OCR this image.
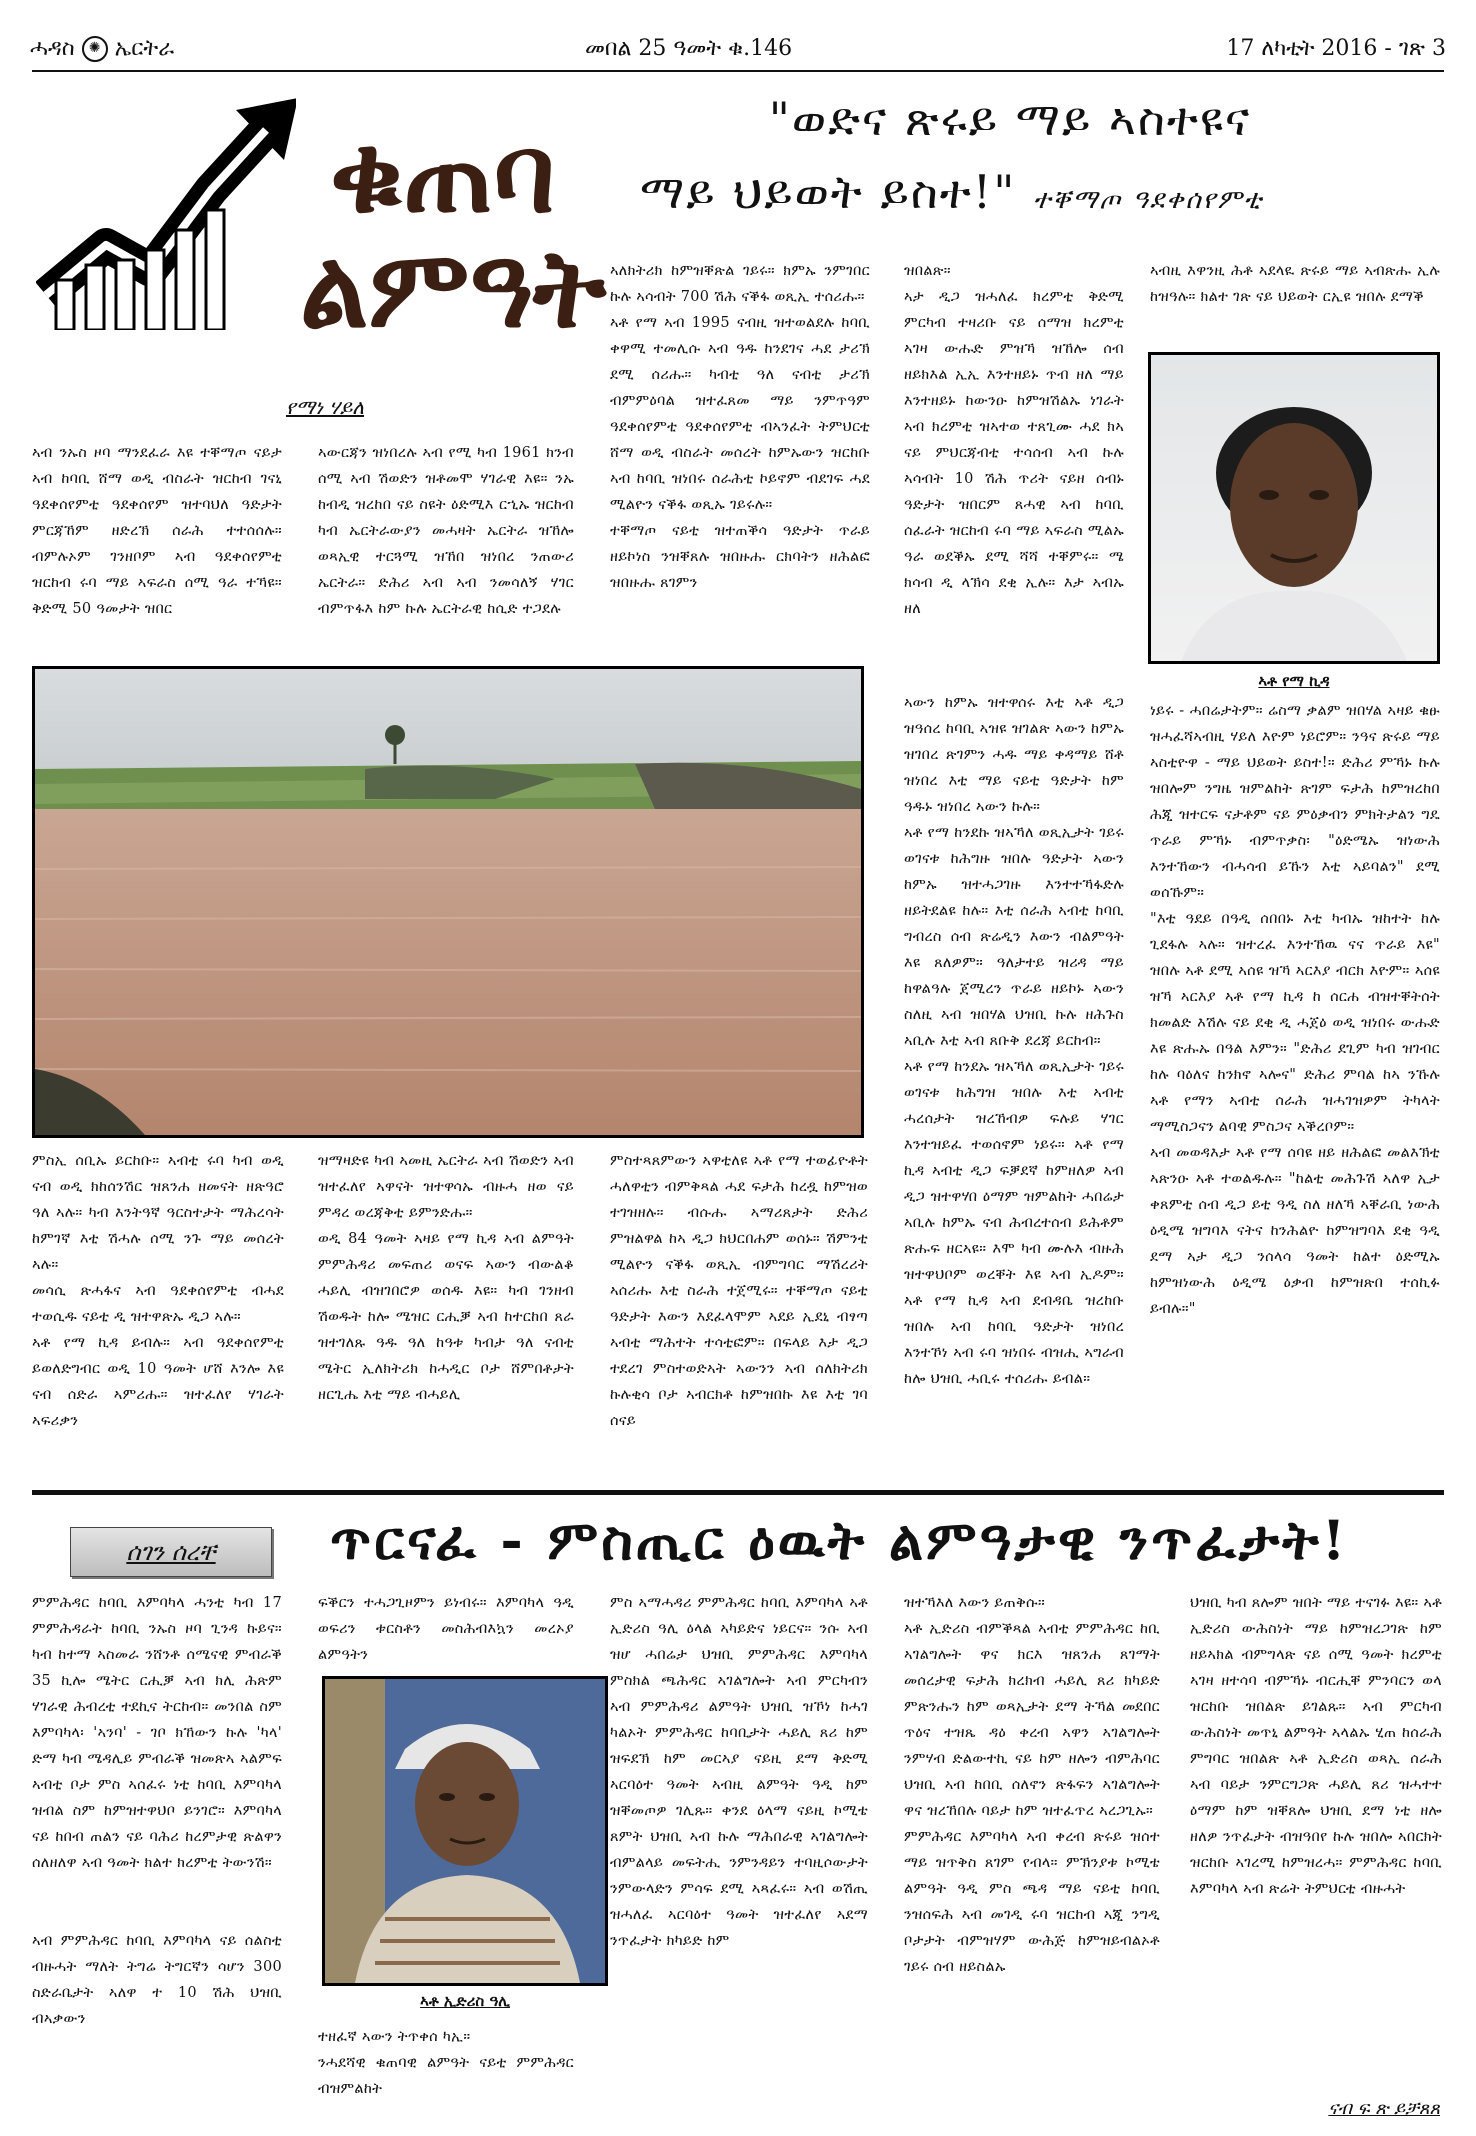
ሓዳስ ✺ ኤርትራ	መበል 25 ዓመት ቁ.146	17 ለካቲት 2016 - ገጽ 3
ቁጠባ
ልምዓት
የማነ ሃይለ
"ወድና ጽሩይ ማይ ኣስተዩና
ማይ ህይወት ይስተ!" ተቐማጦ ዓደቀሰየምቲ
ኣብ ንኡስ ዞባ ማንደፈራ እዩ ተቐማጦ ናይታ ኣብ ከባቢ ሸማ ወዲ ብስራት ዝርከብ ገናኒ ዓደቀሰየምቲ ዓደቀሰየም ዝተባህለ ዓድታት ምርጃኸም ዘድረኽ ሰራሕ ተተሰሰሉ። ብምሉኦም ገንዘቦም ኣብ ዓደቀሰየምቲ ዝርከብ ሩባ ማይ ኣፍራስ ሰሚ ዓራ ተኻዩ። ቅድሚ 50 ዓመታት ዝበር
ኣውርጃን ዝነበረሉ ኣብ የሚ ካብ 1961 ክንብ ሰሚ ኣብ ሽወድን ዝቶመሞ ሃገራዊ እዩ። ንኡ ከብዲ ዝረከበ ናይ ስዩት ዕድሚእ ርኂኡ ዝርከብ ካብ ኤርትራውያን መሓዛት ኤርትራ ዝኸሎ ወጻኢዊ ተርጓሚ ዝኸበ ዝነበረ ንጠውሪ ኤርትራ። ድሕሪ ኣብ ኣብ ንመሳለኝ ሃገር ብምጥፋእ ከም ኩሉ ኤርትራዊ ከሲድ ተጋደሉ
ኣለክትሪክ ከምዝቐጽል ገይሩ። ክምኡ ንምገበር ኩሉ ኣሳብት 700 ሽሕ ናቕፋ ወጺኢ ተሰሪሑ።
ኣቶ የማ ኣብ 1995 ናብዚ ዝተወልደሉ ከባቢ ቀዋሚ ተመሊሱ ኣብ ዓዱ ከንደገና ሓደ ታሪኽ ደሚ ሰሪሑ። ካብቲ ዓለ ናብቲ ታሪኽ ብምምዕባል ዝተፈጸመ ማይ ንምጥዓም ዓደቀሰየምቲ ዓደቀሰየምቲ ብኣንፈት ትምህርቲ ሸማ ወዲ ብስራት መሰረት ከምኡውን ዝርከቡ ኣብ ከባቢ ዝነበሩ ሰራሕቲ ኮይኖም ብደገፍ ሓደ ሚልዮን ናቕፋ ወጺኡ ገይሩሉ።
ተቐማጦ ናይቲ ዝተጠቕሳ ዓድታት ጥራይ ዘይኮነስ ንዝቐጸሉ ዝበዙሑ ርክባትን ዘሕልፎ ዝበዙሑ ጸገምን
ዝበልጽ።
ኣታ ዲጋ ዝሓለፈ ክረምቲ ቅድሚ ምርካብ ተዛሪቡ ናይ ሰማዝ ክረምቲ ኣገዛ ውሑድ ምዝኻ ዝኸሎ ሰብ ዘይክእል ኢኢ እንተዘይኑ ጥብ ዘለ ማይ እንተዘይኑ ከውንዑ ከምዝሽልኡ ነገራት ኣብ ክረምቲ ዝኣተወ ተጸጊሙ ሓደ ክኣ ናይ ምህርጃብቲ ተሳሰብ ኣብ ኩሉ ኣሳብት 10 ሽሕ ጥሪት ናይዘ ሰብኑ ዓድታት ዝበርም ጸሓዊ ኣብ ከባቢ ሰፈራት ዝርከብ ሩባ ማይ ኣፍራስ ሚልኡ ዓራ ወደቕኡ ደሚ ሻሻ ተቐምሩ። ሜ ክሳብ ዲ ላኽሳ ደቂ ኢሉ። እታ ኣብኡ ዘለ
ኣብዚ እዋንዚ ሕቶ ኣደላዪ ጽሩይ ማይ ኣብጽሑ ኢሉ ከዝዓሉ። ክልተ ገጽ ናይ ህይወት ርኢዩ ዝበሉ ደማቕ
ኣቶ የማ ኪዳ
ምስኢ ሰቢኡ ይርከቡ። ኣብቲ ሩባ ካብ ወዲ ናብ ወዲ ክከሰንሽር ዝጸንሐ ዘመናት ዘጽዓሮ ዓለ ኣሉ። ካብ እንትዓኛ ዓርስተታት ማሕረሳት ከምገኛ እቲ ሽሓሉ ሰሚ ንጉ ማይ መሰረት ኣሉ።
መሳሲ ጽሓፋና ኣብ ዓደቀሰየምቲ ብሓደ ተወሲዱ ናይቲ ዲ ዝተዋጽኡ ዲጋ ኣሉ።
ኣቶ የማ ኪዳ ይብሉ። ኣብ ዓደቀሰየምቲ ይወለድግብር ወዲ 10 ዓመት ሆሸ እንሎ እዩ ናብ ሰድራ ኣምሪሑ። ዝተፈለየ ሃገራት ኣፍሪቃን
ዝማዛድዩ ካብ ኣመዚ ኤርትራ ኣብ ሽወድን ኣብ ዝተፈለየ ኣዋናት ዝተዋሳኡ ብዙሓ ዘወ ናይ ምዳረ ወረጃቅቲ ይምንድሑ።
ወዲ 84 ዓመት ኣዛይ የማ ኪዳ ኣብ ልምዓት ምምሕዳሪ መፍጠሪ ወናፍ ኣውን ብውልቆ ሓይሊ ብዝገበሮዎ ወሰዱ እዩ። ካብ ገንዘብ ሽወዱት ከሎ ሜዝር ርሒቓ ኣብ ከተርከበ ጸራ ዝተገለጹ ዓዱ ዓለ ከዓቱ ካብታ ዓለ ናብቲ ሜትር ኢለክትሪክ ከሓዲር ቦታ ሸምበቶታት ዘርጊሔ እቲ ማይ ብሓይሊ
ምስተጻጸምውን ኣዋቲለዩ ኣቶ የማ ተወፊዮቶት ሓለዋቲን ብምቅጻል ሓደ ፍታሕ ከረዷ ከምዝወ ተገዝዘሉ። ብሱሑ ኣማሪጸታት ድሕሪ ምዝልዋል ከኣ ዲጋ ክህርበሐም ወሰኑ። ሽምንቲ ሚልዮን ናቕፋ ወጺኢ ብምግባር ማሽረሪት ኣሰሪሑ እቲ ስራሕ ተጀሚሩ። ተቐማጦ ናይቲ ዓድታት እውን እደፈላሞም ኣደይ ኢደኒ ብፃጣ ኣብቲ ማሕተት ተሳቲፎም። በፍላይ እታ ዲጋ ተደረገ ምስተወድኣት ኣውንን ኣብ ሰለክትሪክ ኩሉቂሳ ቦታ ኣብርክቶ ከምዝበኩ እዩ እቲ ገባ ሰናይ
ኣውን ከምኡ ዝተዋሰሩ እቲ ኣቶ ዲጋ ዝዓሰረ ከባቢ ኣዝዩ ዝገልጽ ኣውን ከምኡ ዝገበረ ጽገምን ሓዱ ማይ ቀዳማይ ሸቶ ዝነበረ እቲ ማይ ናይቲ ዓድታት ከም ዓዱኑ ዝነበረ ኣውን ኩሉ።
ኣቶ የማ ከንደኩ ዝኣኻለ ወጺኢታት ገይሩ ወገናቱ ከሕግዙ ዝበሉ ዓድታት ኣውን ከምኡ ዝተሓጋገዙ እንተተኻፋድሉ ዘይትደልዩ ከሉ። እቲ ሰራሕ ኣብቲ ከባቢ ግብረስ ሰብ ጽሬዲን እውን ብልምዓት እዩ ጸለዎም። ዓለታተይ ዝሪዳ ማይ ከዋልዓሉ ጀሚረን ጥራይ ዘይኮኑ ኣውን ስለዚ ኣብ ዝበሃል ህዝቢ ኩሉ ዘሕጉስ ኣቢሉ እቲ ኣብ ጸቡቅ ደረጃ ይርከብ።
ኣቶ የማ ከንደኡ ዝኣኻለ ወጺኢታት ገይሩ ወገናቱ ከሕግዝ ዝበሉ እቲ ኣብቲ ሓረሰታት ዝረኸብዎ ፍሉይ ሃገር እንተዝይፈ ተወሰኖም ነይሩ። ኣቶ የማ ኪዳ ኣብቲ ዲጋ ፍቓደኛ ከምዘለዎ ኣብ ዲጋ ዝተዋሃበ ዕማም ዝምልከት ሓበሬታ ኣቢሉ ከምኡ ናብ ሕብረተሰብ ይሕቶም ጽሑፍ ዘርኣዩ። እሞ ካብ ሙሉእ ብዙሕ ዝተዋህቦም ወረቐት እዩ ኣብ ኢዶም። ኣቶ የማ ኪዳ ኣብ ደብዳቤ ዝረከቡ ዝበሉ ኣብ ከባቢ ዓድታት ዝነበረ እንተኾነ ኣብ ሩባ ዝነበሩ ብዝሒ ኣግራብ ከሎ ህዝቢ ሓቢሩ ተሰሪሑ ይብል።
ነይሩ - ሓበሬታትም። ሬስማ ቃልም ዝበሃል ኣዛይ ቁፁ ዝሓፈሻኣብዚ ሃይለ እዮም ነይሮም። ንዓና ጽሩይ ማይ ኣስቲዮዋ - ማይ ህይወት ይስተ!። ድሕሪ ምኻኑ ኩሉ ዝበሎም ንግዜ ዝምልከት ጽገም ፍታሕ ከምዝረከበ ሕጂ ዝተርፍ ናታቶም ናይ ምዕቃብን ምክትታልን ግዴ ጥራይ ምኻኑ ብምጥቃስ፡ "ዕድሜኡ ዝነውሕ እንተኸውን ብሓሳብ ይኹን እቲ ኣይባልን" ደሚ ወሰኹም።
"እቲ ዓደይ በዓዲ ሰበበኑ እቲ ካብኡ ዝከተት ከሉ ጊደፋሉ ኣሉ። ዝተረፈ እንተኸዉ ናና ጥራይ እዩ" ዝበሉ ኣቶ ደሚ ኣሰዩ ዝኻ ኣርእያ ብርክ እዮም። ኣሰዩ ዝኻ ኣርእያ ኣቶ የማ ኪዳ ከ ሰርሐ ብዝተቐትሰት ክመልድ እሽሉ ናይ ደቂ ዲ ሓጀዕ ወዲ ዝነበሩ ውሑድ እዩ ጽሑኡ በዓል እምን። "ድሕሪ ደጊም ካብ ዝገብር ከሉ ባዕለና ከንክኖ ኣሎና" ድሕሪ ምባል ከኣ ንኹሉ ኣቶ የማን ኣብቲ ሰራሕ ዝሓገዝዎም ትካላት ማሚስጋናን ልባዊ ምስጋና ኣቕረቦም።
ኣብ መወዳእታ ኣቶ የማ ሰባዩ ዘይ ዘሕልፎ መልእኽቲ ኣጽንዑ ኣቶ ተወልዱሉ። "ከልቲ መሕጉሽ ኣለዋ ኢታ ቀጸምቲ ሰብ ዲጋ ይቲ ዓዲ ስለ ዘለኻ ኣቐራቢ ነውሕ ዕዲሜ ዝግባእ ናትና ከንሕልዮ ከምዝግባእ ደቂ ዓዲ ደማ ኣታ ዲጋ ንሰላሳ ዓመት ከልተ ዕድሚኡ ከምዝነውሕ ዕዲሜ ዕቃብ ከምዝጽበ ተሰኪፉ ይብሉ።"
ሰገን ሰረቸ	ጥርናፈ - ምስጢር ዕዉት ልምዓታዊ ንጥፈታት!
ምምሕዳር ከባቢ እምባካላ ሓንቲ ካብ 17 ምምሕዳራት ከባቢ ንኡስ ዞባ ጊንዳ ኩይና። ካብ ከተማ ኣስመራ ንሸንቶ ሰሜናዊ ምብራቕ 35 ኪሎ ሜትር ርሒቓ ኣብ ክሊ ሕጽም ሃገራዊ ሕብረቲ ተደኪና ትርከብ። መንበል ስም እምባካላ፡ 'ኣንባ' - ገቦ ክኸውን ኩሉ 'ካላ' ድማ ካብ ሜዳሊይ ምብራቕ ዝመጽኣ ኣልምፍ ኣብቲ ቦታ ምስ ኣሰፈሩ ነቲ ከባቢ እምባካላ ዝብል ስም ከምዝተዋህቦ ይንገሮ። እምባካላ ናይ ከበብ ጠልን ናይ ባሕሪ ከረምታዊ ጽልዋን ሰለዘለዋ ኣብ ዓመት ክልተ ክረምቲ ትውንሽ።
ኣብ ምምሕዳር ከባቢ እምባካላ ናይ ሰልስቲ ብዙሓት ማለት ትግሬ ትግርኛን ሳሆን 300 ስድራቤታት ኣለዋ ተ 10 ሽሕ ህዝቢ ብኣቃውን
ፍቕርን ተሓጋጊዞምን ይነብሩ። እምባካላ ዓዲ ወፍሪን ቱርስቶን መስሕብእኳን መረኦያ ልምዓትን
ኣቶ ኢድሪስ ዓሊ
ተዘፈኛ ኣውን ትጥቀሰ ካኢ።
ንሓደሻዊ ቁጠባዊ ልምዓት ናይቲ ምምሕዳር ብዝምልከት
ምስ ኣማሓዳሪ ምምሕዳር ከባቢ እምባካላ ኣቶ ኢድሪስ ዓሊ ዕላል ኣካይድና ነይርና። ንሱ ኣብ ዝሆ ሓበሬታ ህዝቢ ምምሕዳር እምባካላ ምስክል ጫሕዳር ኣገልግሎት ኣብ ምርካብን ኣብ ምምሕዳሪ ልምዓት ህዝቢ ዝኾነ ከሓገ ካልኦት ምምሕዳር ከባቢታት ሓይሊ ጸሪ ከም ዝፍደኽ ከም መርኣያ ናይዚ ደማ ቅድሚ ኣርባዕተ ዓመት ኣብዚ ልምዓት ዓዲ ከም ዝቐመጦዎ ገሊጹ። ቀንደ ዕላማ ናይዚ ኮሚቴ ጸምት ህዝቢ ኣብ ኩሉ ማሕበራዊ ኣገልግሎት ብምልላይ መፍትሒ ንምንዳይን ተባዚሶውታት ንምውላድን ምሳፍ ደሚ ኣጻፈሩ። ኣብ ወሽጢ ዝሓለፈ ኣርባዕተ ዓመት ዝተፈለየ ኣደማ ንጥፈታት ክካይድ ከም
ዝተኻእለ እውን ይጠቅሱ።
ኣቶ ኢድሪስ ብምቕጻል ኣብቲ ምምሕዳር ከቢ ኣገልግሎት ዋና ክርእ ዝጸንሐ ጸገማት መሰረታዊ ፍታሕ ክረክብ ሓይሊ ጸሪ ክካይድ ምጽንሑን ከም ወጻኢታት ደማ ትኻል መደበር ጥዕና ተዝጼ ዳዕ ቀረብ ኣዋን ኣገልግሎት ንምሃብ ድልውተኪ ናይ ከም ዘሎን ብምሕባር ህዝቢ ኣብ ከበቢ ሰለኖን ጽፋፍን ኣገልግሎት ዋና ዝረኸበሉ ባይታ ከም ዝተፈጥረ ኣረጋጊኡ።
ምምሕዳር እምባካላ ኣብ ቀረብ ጽሩይ ዝሰተ ማይ ዝጥቅስ ጸገም የብላ። ምኽንያቱ ኮሚቴ ልምዓት ዓዲ ምስ ጫዳ ማይ ናይቲ ከባቢ ንዝሰፍሕ ኣብ መገዲ ሩባ ዝርከብ ኣጂ ንግዲ ቦታታት ብምዝሃም ውሕጅ ከምዝይብልኦቶ ገይሩ ሰብ ዘይስልኡ
ህዝቢ ካብ ጸሎም ዝበት ማይ ተናገፉ እዩ። ኣቶ ኢድሪስ ውሕስነት ማይ ከምዝረጋገጽ ከም ዘይኣክል ብምግላጽ ናይ ሰሚ ዓመት ክረምቲ ኣገዛ ዘተሳባ ብምኻኑ ብርሒቐ ምንባርን ወላ ዝርከቡ ዝበልጽ ይገልጹ። ኣብ ምርካብ ውሕስነት መጥኒ ልምዓት ኣላልኡ ሂጠ ከሰራሕ ምግባር ዝበልጽ ኣቶ ኢድሪስ ወጻኢ ሰራሕ ኣብ ባይታ ንምርግጋጽ ሓይሊ ጸሪ ዝሓተተ ዕማም ከም ዝቐጸሎ ህዝቢ ደማ ነቲ ዘሎ ዘለዎ ንጥፈታት ብዝዓበየ ኩሉ ዝበሎ ኣበርክት ዝርከቡ ኣገረሚ ከምዝረሓ። ምምሕዳር ከባቢ እምባካላ ኣብ ጽሬት ትምህርቲ ብዙሓት
ናብ ፍ ጽ ይቻጸጸ
